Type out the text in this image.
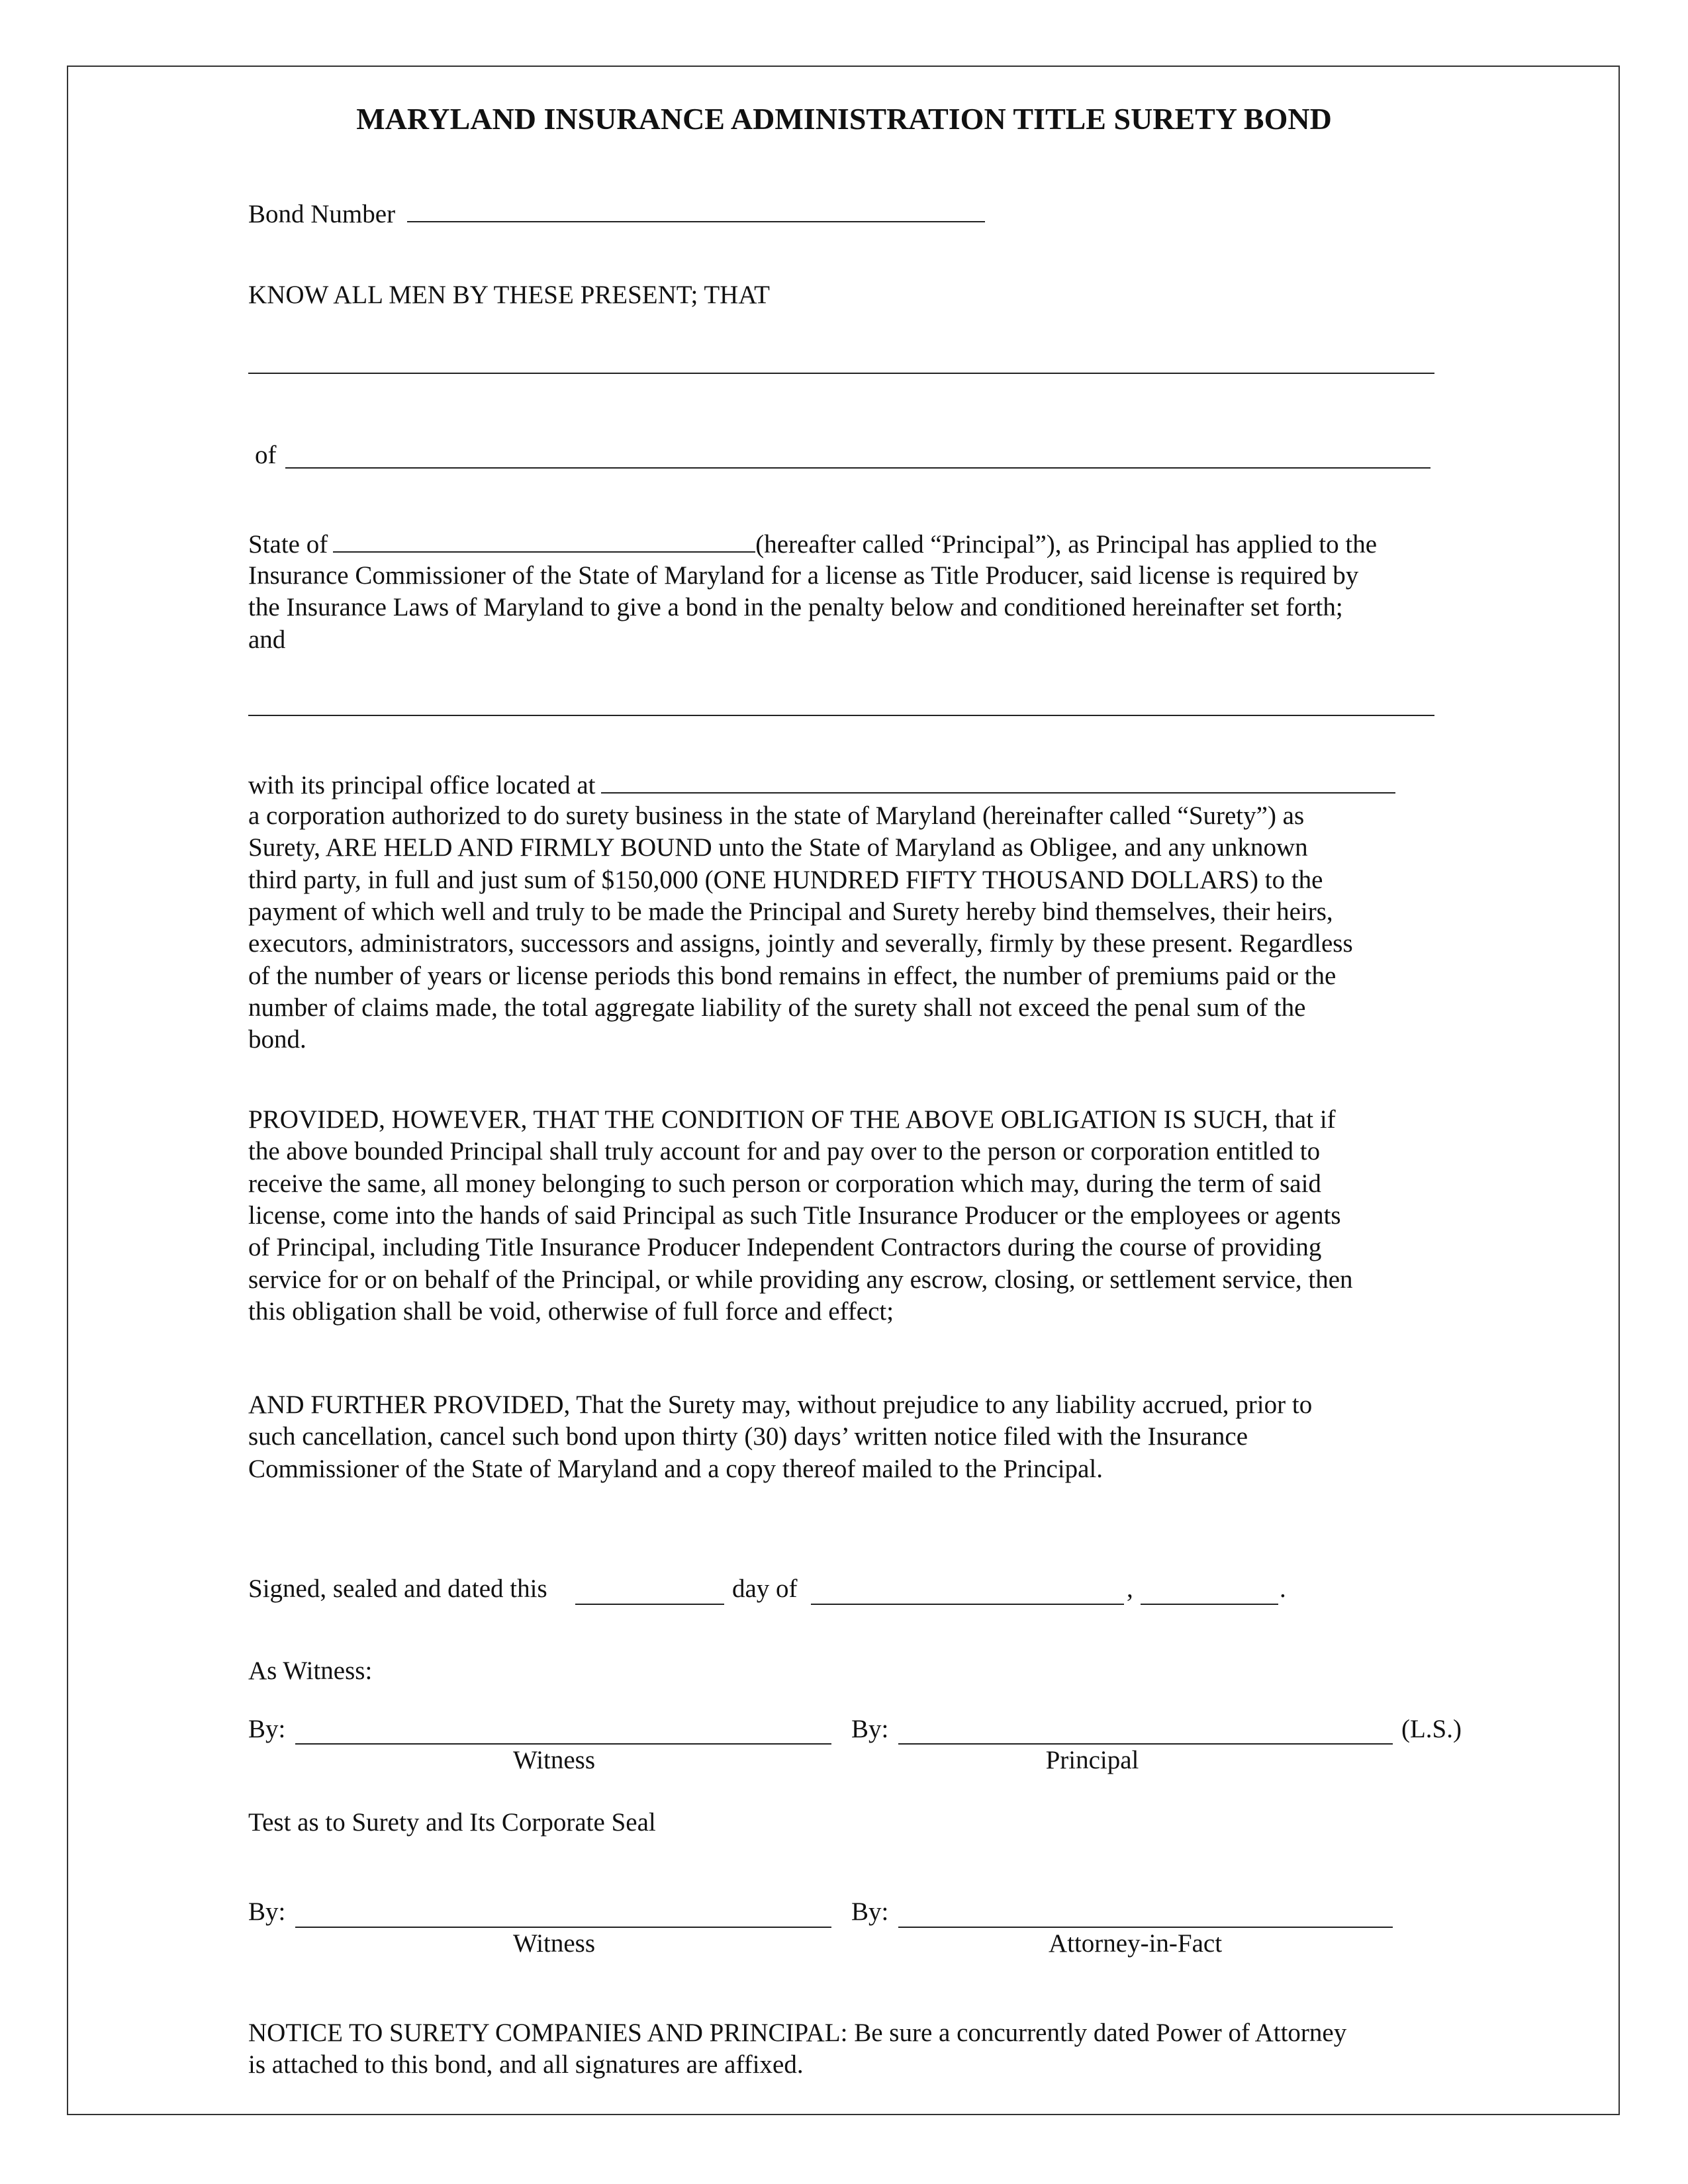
MARYLAND INSURANCE ADMINISTRATION TITLE SURETY BOND
Bond Number
KNOW ALL MEN BY THESE PRESENT; THAT
of
State of	(hereafter called “Principal”), as Principal has applied to the
Insurance Commissioner of the State of Maryland for a license as Title Producer, said license is required by
the Insurance Laws of Maryland to give a bond in the penalty below and conditioned hereinafter set forth;
and
with its principal office located at
a corporation authorized to do surety business in the state of Maryland (hereinafter called “Surety”) as
Surety, ARE HELD AND FIRMLY BOUND unto the State of Maryland as Obligee, and any unknown
third party, in full and just sum of $150,000 (ONE HUNDRED FIFTY THOUSAND DOLLARS) to the
payment of which well and truly to be made the Principal and Surety hereby bind themselves, their heirs,
executors, administrators, successors and assigns, jointly and severally, firmly by these present. Regardless
of the number of years or license periods this bond remains in effect, the number of premiums paid or the
number of claims made, the total aggregate liability of the surety shall not exceed the penal sum of the
bond.
PROVIDED, HOWEVER, THAT THE CONDITION OF THE ABOVE OBLIGATION IS SUCH, that if
the above bounded Principal shall truly account for and pay over to the person or corporation entitled to
receive the same, all money belonging to such person or corporation which may, during the term of said
license, come into the hands of said Principal as such Title Insurance Producer or the employees or agents
of Principal, including Title Insurance Producer Independent Contractors during the course of providing
service for or on behalf of the Principal, or while providing any escrow, closing, or settlement service, then
this obligation shall be void, otherwise of full force and effect;
AND FURTHER PROVIDED, That the Surety may, without prejudice to any liability accrued, prior to
such cancellation, cancel such bond upon thirty (30) days’ written notice filed with the Insurance
Commissioner of the State of Maryland and a copy thereof mailed to the Principal.
Signed, sealed and dated this	day of	,	.
As Witness:
By:	By:	(L.S.)
Witness	Principal
Test as to Surety and Its Corporate Seal
By:	By:
Witness	Attorney-in-Fact
NOTICE TO SURETY COMPANIES AND PRINCIPAL: Be sure a concurrently dated Power of Attorney
is attached to this bond, and all signatures are affixed.
